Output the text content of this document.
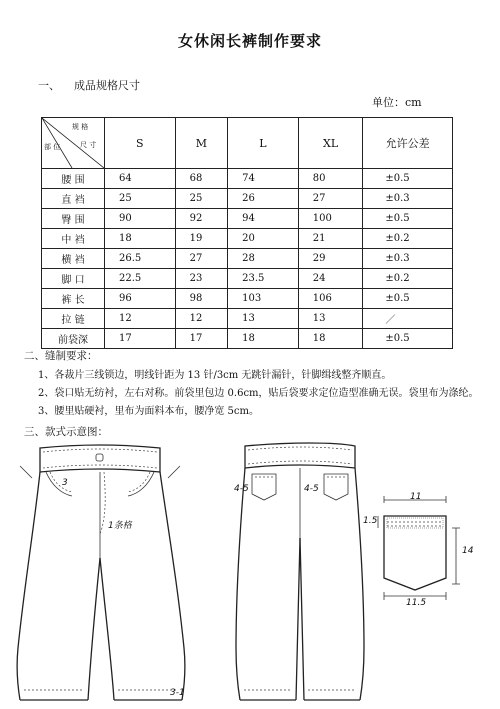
女休闲长裤制作要求
一、 成品规格尺寸
单位：cm
规 格
尺 寸
部 位	S	M	L	XL	允许公差
腰 围	64	68	74	80	±0.5
直 裆	25	25	26	27	±0.3
臀 围	90	92	94	100	±0.5
中 裆	18	19	20	21	±0.2
横 裆	26.5	27	28	29	±0.3
脚 口	22.5	23	23.5	24	±0.2
裤 长	96	98	103	106	±0.5
拉 链	12	12	13	13	／
前袋深	17	17	18	18	±0.5
二、缝制要求：
1、各裁片三线锁边，明线针距为 13 针/3cm 无跳针漏针，针脚缉线整齐顺直。
2、袋口贴无纺衬，左右对称。前袋里包边 0.6cm，贴后袋要求定位造型准确无误。袋里布为涤纶。
3、腰里贴硬衬，里布为面料本布，腰净宽 5cm。
三、款式示意图：
3
1条格
3-1
4-5	4-5
11
1.5
14
11.5
